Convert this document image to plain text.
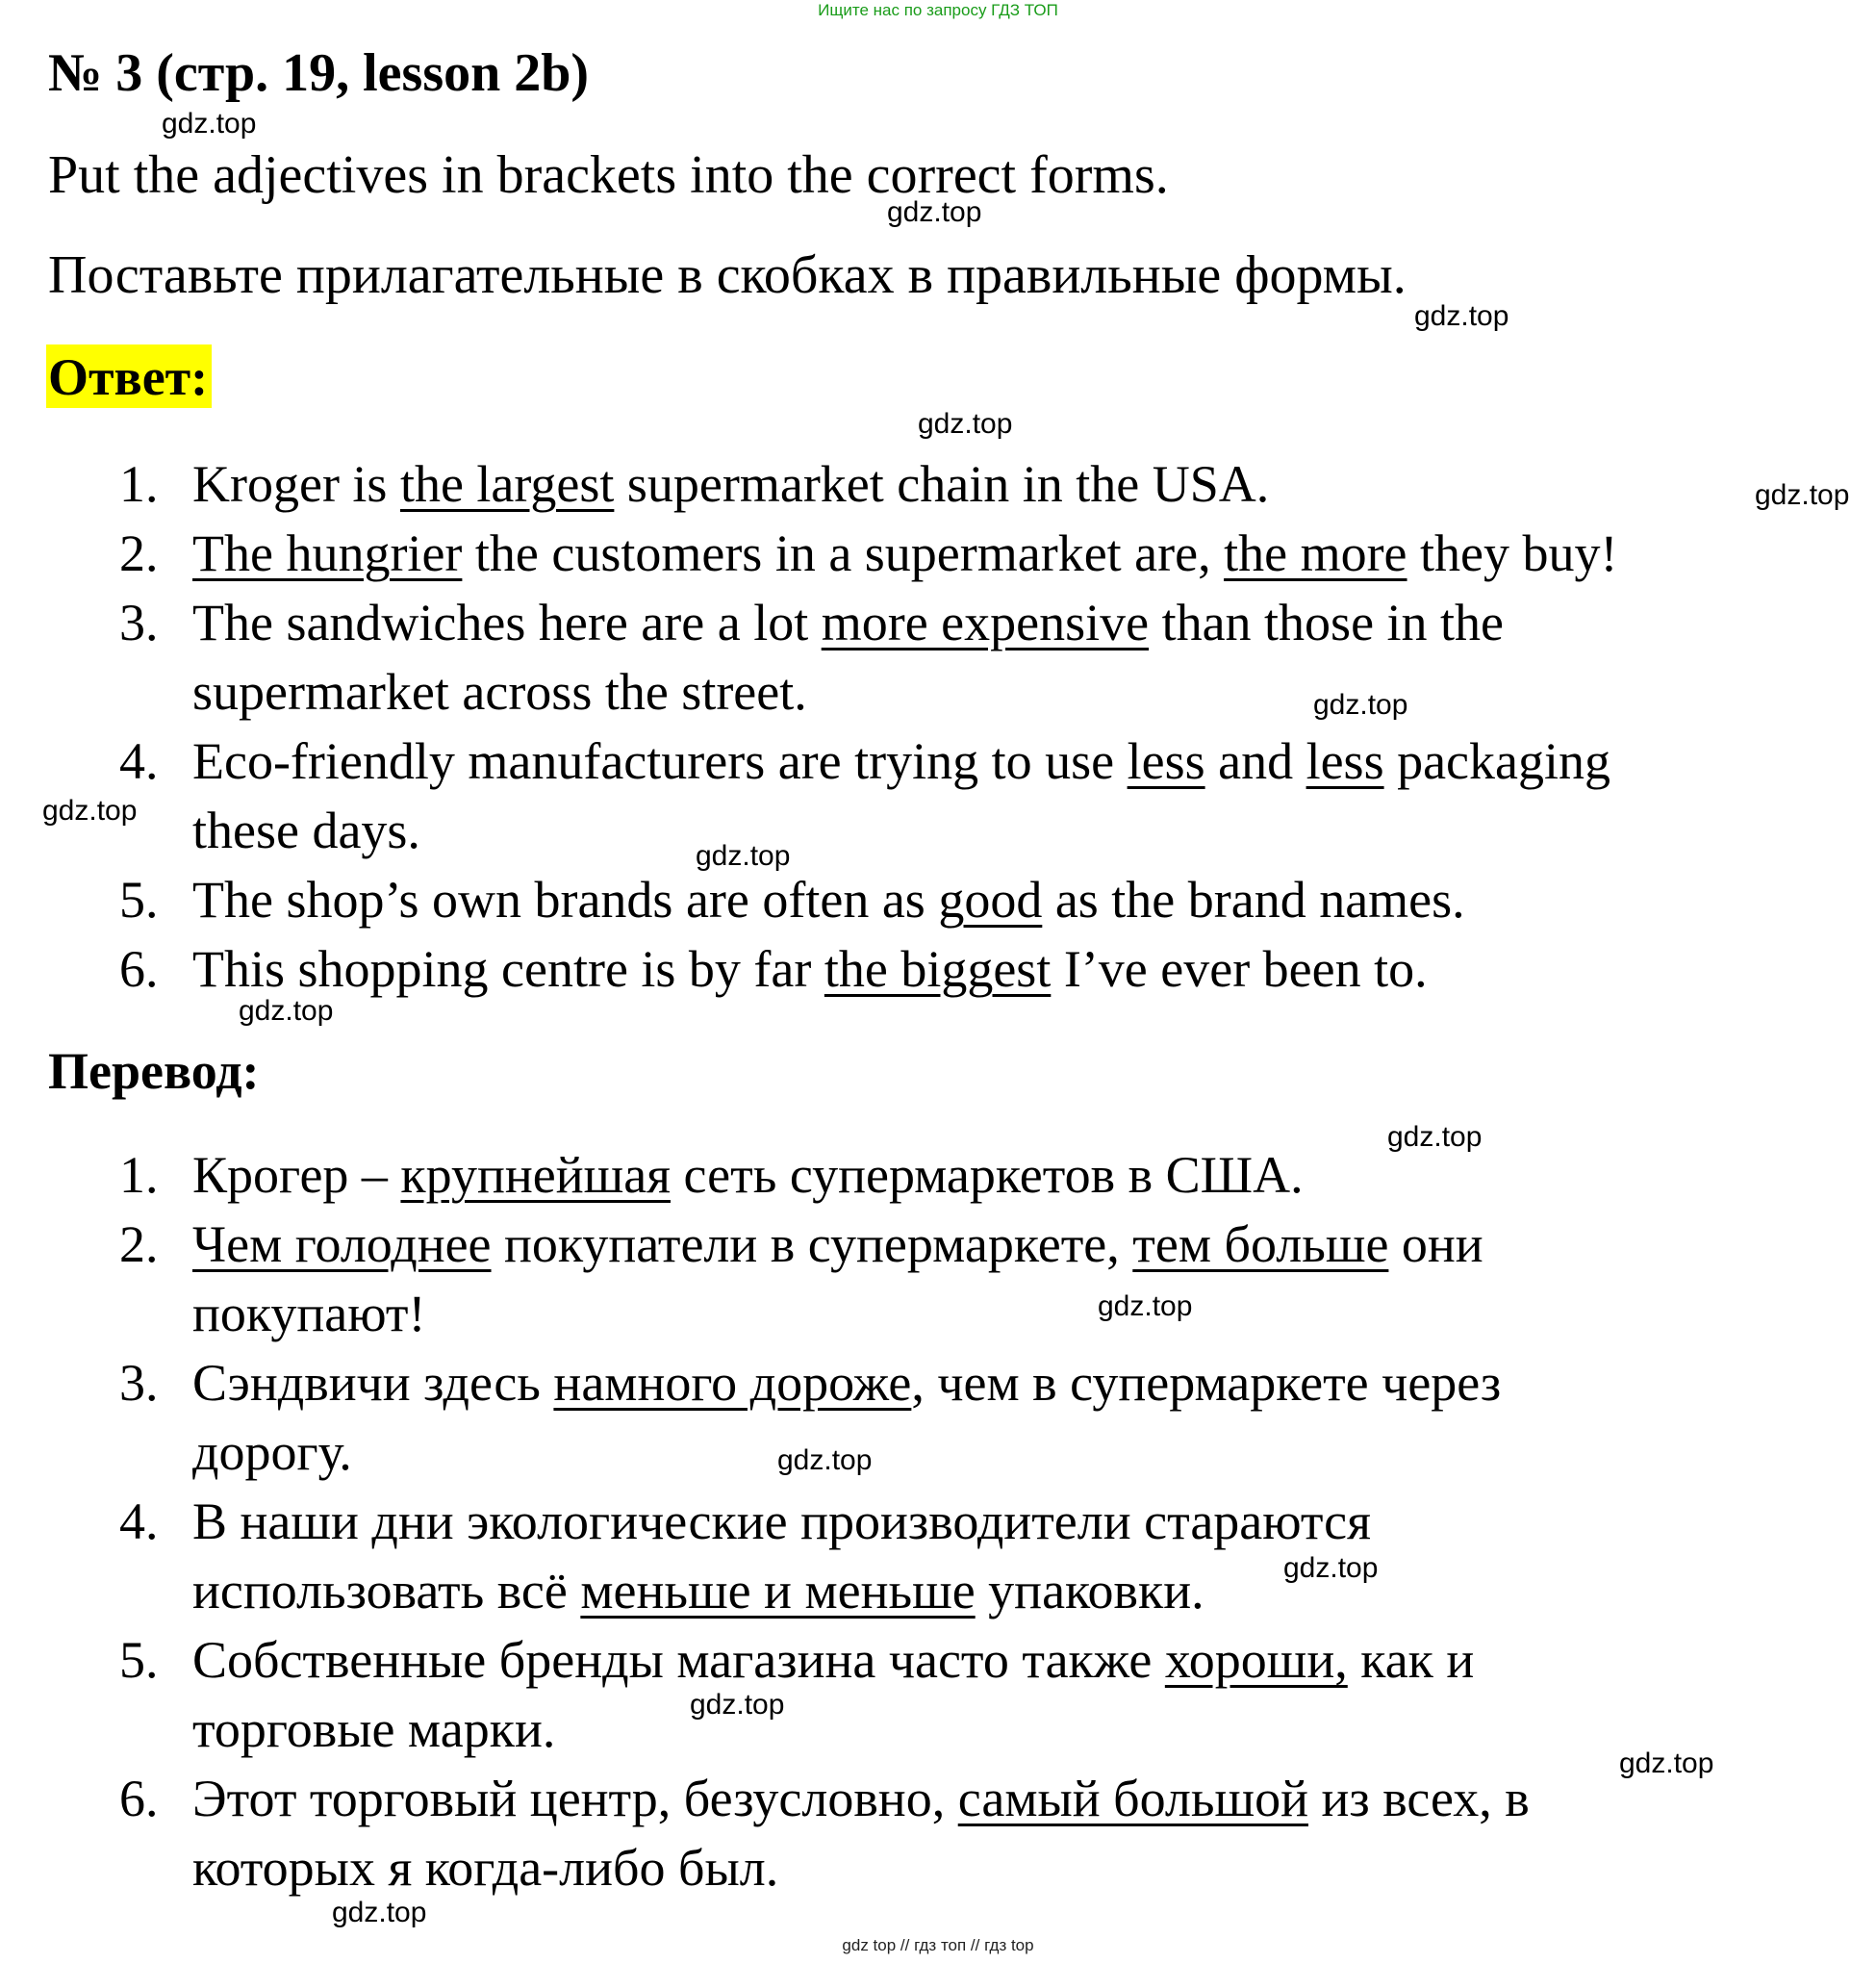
Ищите нас по запросу ГДЗ ТОП
№ 3 (стр. 19, lesson 2b)
Put the adjectives in brackets into the correct forms.
Поставьте прилагательные в скобках в правильные формы.
Ответ:
Перевод:
1. Kroger is the largest supermarket chain in the USA.
2. The hungrier the customers in a supermarket are, the more they buy!
3. The sandwiches here are a lot more expensive than those in the
supermarket across the street.
4. Eco-friendly manufacturers are trying to use less and less packaging
these days.
5. The shop’s own brands are often as good as the brand names.
6. This shopping centre is by far the biggest I’ve ever been to.
1. Крогер – крупнейшая сеть супермаркетов в США.
2. Чем голоднее покупатели в супермаркете, тем больше они
покупают!
3. Сэндвичи здесь намного дороже, чем в супермаркете через
дорогу.
4. В наши дни экологические производители стараются
использовать всё меньше и меньше упаковки.
5. Собственные бренды магазина часто также хороши, как и
торговые марки.
6. Этот торговый центр, безусловно, самый большой из всех, в
которых я когда-либо был.
gdz.top
gdz.top
gdz.top
gdz.top
gdz.top
gdz.top
gdz.top
gdz.top
gdz.top
gdz.top
gdz.top
gdz.top
gdz.top
gdz.top
gdz.top
gdz.top
gdz top // гдз топ // гдз top
